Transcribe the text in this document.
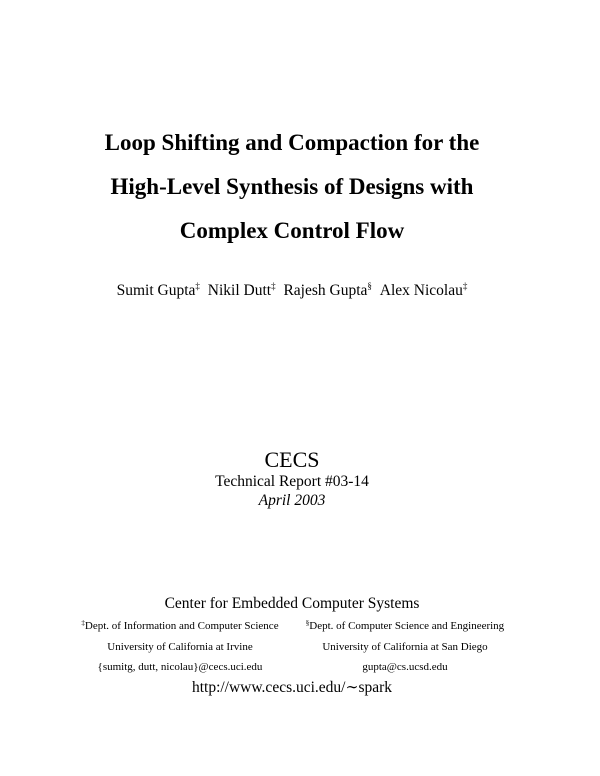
Loop Shifting and Compaction for the
High-Level Synthesis of Designs with
Complex Control Flow
Sumit Gupta‡ Nikil Dutt‡ Rajesh Gupta§ Alex Nicolau‡
CECS
Technical Report #03-14
April 2003
Center for Embedded Computer Systems
‡Dept. of Information and Computer Science
University of California at Irvine
{sumitg, dutt, nicolau}@cecs.uci.edu
§Dept. of Computer Science and Engineering
University of California at San Diego
gupta@cs.ucsd.edu
http://www.cecs.uci.edu/∼spark
